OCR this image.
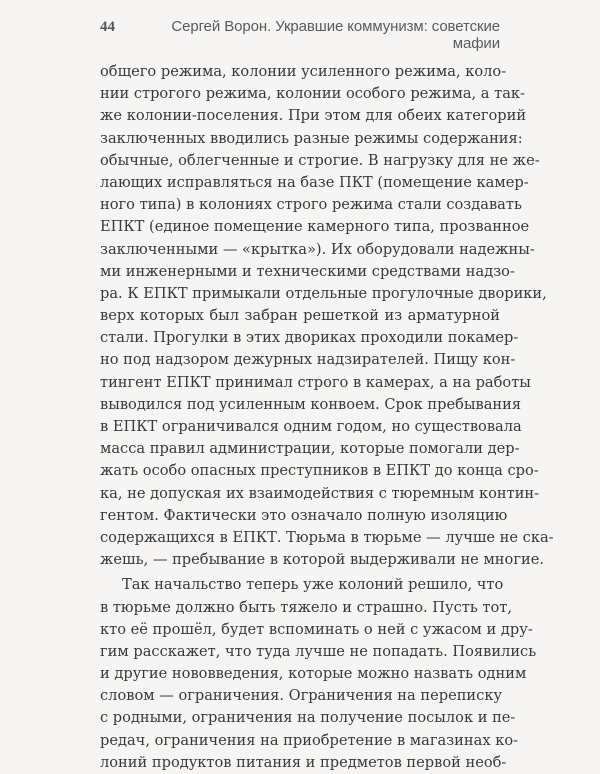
44	Сергей Ворон. Укравшие коммунизм: советские мафии
общего режима, колонии усиленного режима, коло-
нии строгого режима, колонии особого режима, а так-
же колонии-поселения. При этом для обеих категорий
заключенных вводились разные режимы содержания:
обычные, облегченные и строгие. В нагрузку для не же-
лающих исправляться на базе ПКТ (помещение камер-
ного типа) в колониях строго режима стали создавать
ЕПКТ (единое помещение камерного типа, прозванное
заключенными — «крытка»). Их оборудовали надежны-
ми инженерными и техническими средствами надзо-
ра. К ЕПКТ примыкали отдельные прогулочные дворики,
верх которых был забран решеткой из арматурной
стали. Прогулки в этих двориках проходили покамер-
но под надзором дежурных надзирателей. Пищу кон-
тингент ЕПКТ принимал строго в камерах, а на работы
выводился под усиленным конвоем. Срок пребывания
в ЕПКТ ограничивался одним годом, но существовала
масса правил администрации, которые помогали дер-
жать особо опасных преступников в ЕПКТ до конца сро-
ка, не допуская их взаимодействия с тюремным контин-
гентом. Фактически это означало полную изоляцию
содержащихся в ЕПКТ. Тюрьма в тюрьме — лучше не ска-
жешь, — пребывание в которой выдерживали не многие.
Так начальство теперь уже колоний решило, что
в тюрьме должно быть тяжело и страшно. Пусть тот,
кто её прошёл, будет вспоминать о ней с ужасом и дру-
гим расскажет, что туда лучше не попадать. Появились
и другие нововведения, которые можно назвать одним
словом — ограничения. Ограничения на переписку
с родными, ограничения на получение посылок и пе-
редач, ограничения на приобретение в магазинах ко-
лоний продуктов питания и предметов первой необ-
